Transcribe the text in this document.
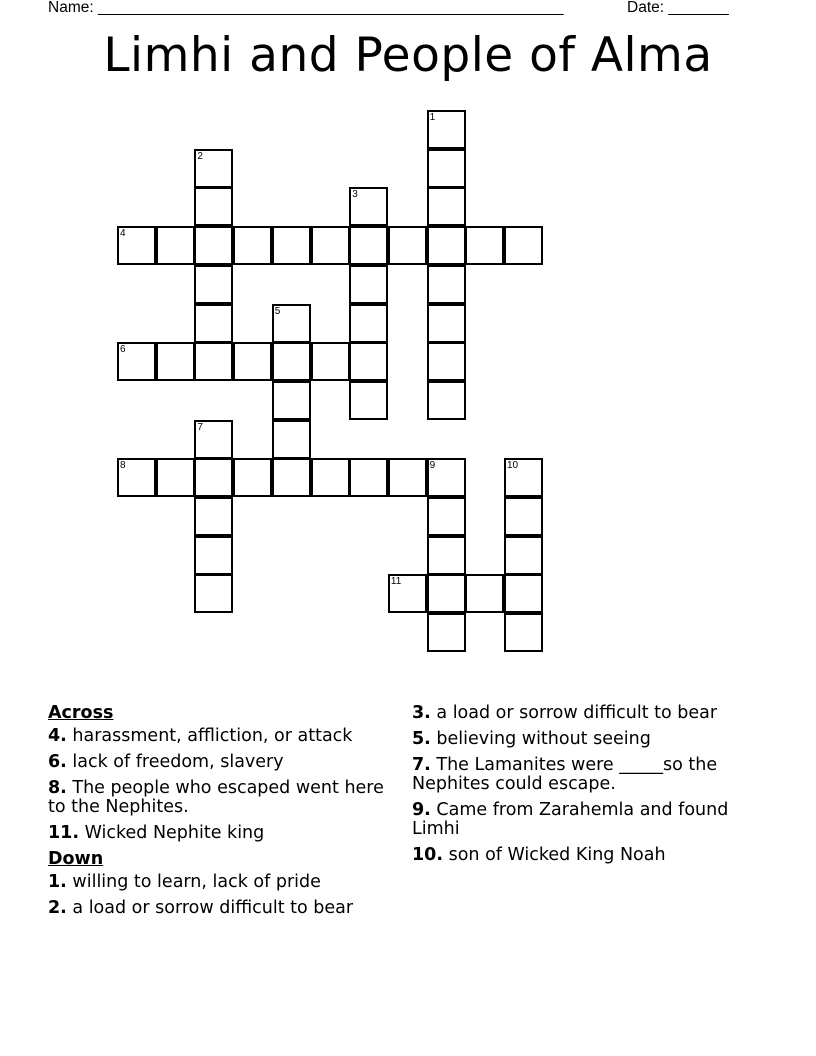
Name: ______________________________________________________	Date: _______
Limhi and People of Alma
4
6
8	9
11
1
2
3
5
7
10
Across
4. harassment, affliction, or attack
6. lack of freedom, slavery
8. The people who escaped went here to the Nephites.
11. Wicked Nephite king
Down
1. willing to learn, lack of pride
2. a load or sorrow difficult to bear
3. a load or sorrow difficult to bear
5. believing without seeing
7. The Lamanites were _____so the Nephites could escape.
9. Came from Zarahemla and found Limhi
10. son of Wicked King Noah
